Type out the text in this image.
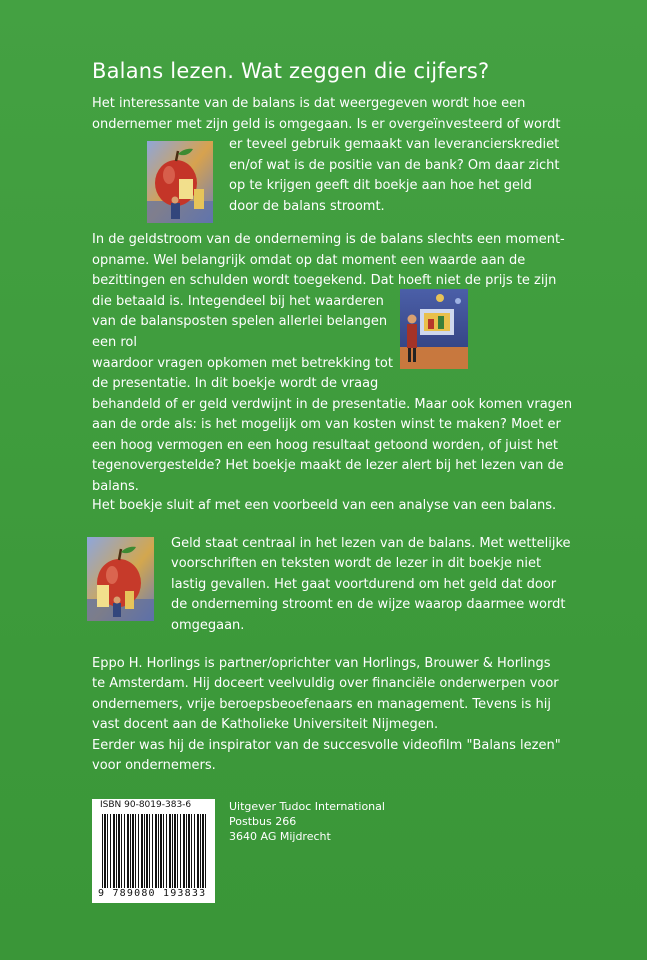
Balans lezen. Wat zeggen die cijfers?
Het interessante van de balans is dat weergegeven wordt hoe een
ondernemer met zijn geld is omgegaan. Is er overgeïnvesteerd of wordt
er teveel gebruik gemaakt van leverancierskrediet
en/of wat is de positie van de bank? Om daar zicht
op te krijgen geeft dit boekje aan hoe het geld
door de balans stroomt.
In de geldstroom van de onderneming is de balans slechts een moment-
opname. Wel belangrijk omdat op dat moment een waarde aan de
bezittingen en schulden wordt toegekend. Dat hoeft niet de prijs te zijn
die betaald is. Integendeel bij het waarderen
van de balansposten spelen allerlei belangen
een rol
waardoor vragen opkomen met betrekking tot
de presentatie. In dit boekje wordt de vraag
behandeld of er geld verdwijnt in de presentatie. Maar ook komen vragen
aan de orde als: is het mogelijk om van kosten winst te maken? Moet er
een hoog vermogen en een hoog resultaat getoond worden, of juist het
tegenovergestelde? Het boekje maakt de lezer alert bij het lezen van de
balans.
Het boekje sluit af met een voorbeeld van een analyse van een balans.
Geld staat centraal in het lezen van de balans. Met wettelijke
voorschriften en teksten wordt de lezer in dit boekje niet
lastig gevallen. Het gaat voortdurend om het geld dat door
de onderneming stroomt en de wijze waarop daarmee wordt
omgegaan.
Eppo H. Horlings is partner/oprichter van Horlings, Brouwer & Horlings
te Amsterdam. Hij doceert veelvuldig over financiële onderwerpen voor
ondernemers, vrije beroepsbeoefenaars en management. Tevens is hij
vast docent aan de Katholieke Universiteit Nijmegen.
Eerder was hij de inspirator van de succesvolle videofilm "Balans lezen"
voor ondernemers.
ISBN 90-8019-383-6
9 789080 193833
Uitgever Tudoc International
Postbus 266
3640 AG Mijdrecht
